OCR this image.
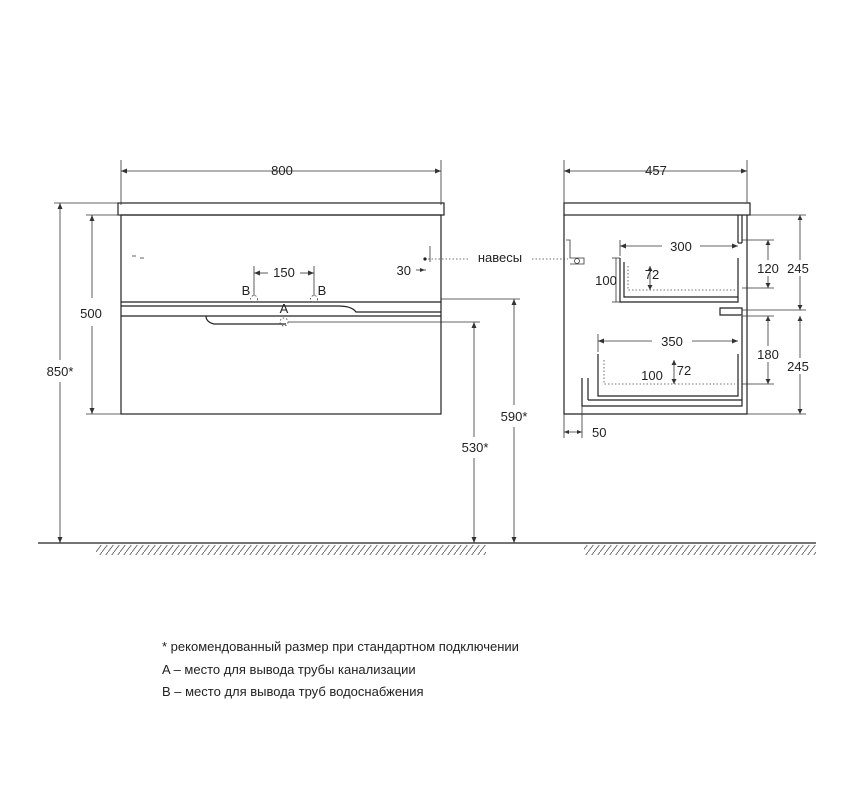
800
500
850*
150
B	B
A
30
590*
530*
навесы
457
300
100 72	120 245
350
180
245
100 72
50
* рекомендованный размер при стандартном подключении
A – место для вывода трубы канализации
B – место для вывода труб водоснабжения
